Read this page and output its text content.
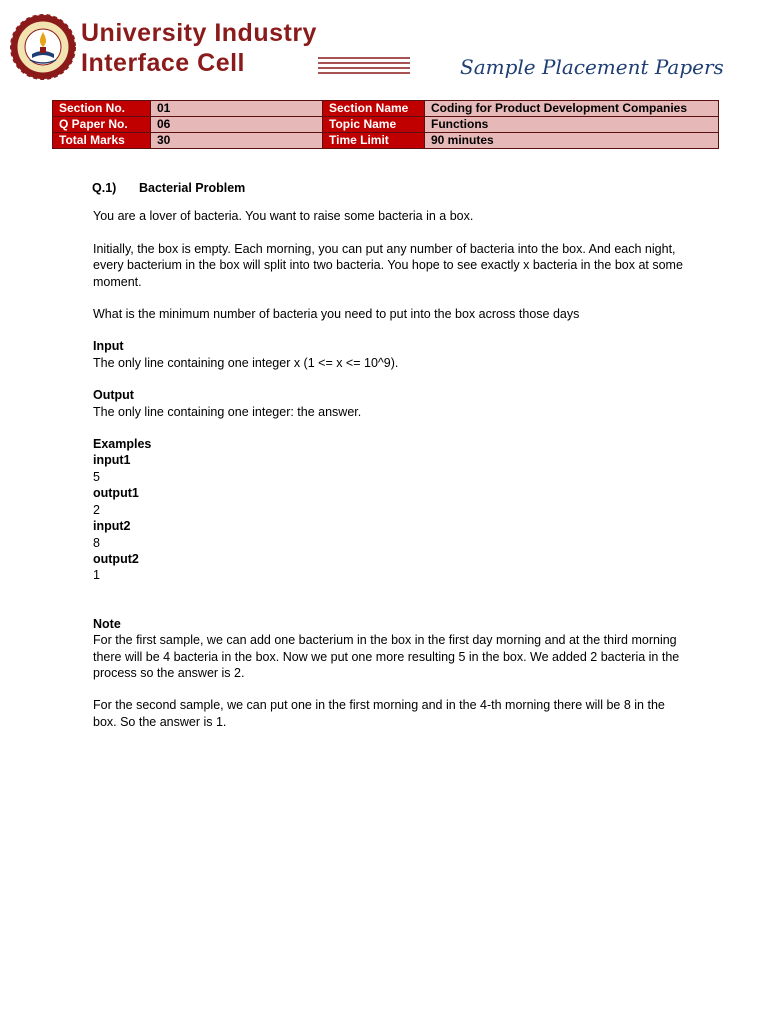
University Industry
Interface Cell	Sample Placement Papers
Section No.	01	Section Name	Coding for Product Development Companies
Q Paper No.	06	Topic Name	Functions
Total Marks	30	Time Limit	90 minutes
Q.1)	Bacterial Problem

You are a lover of bacteria. You want to raise some bacteria in a box.

Initially, the box is empty. Each morning, you can put any number of bacteria into the box. And each night, every bacterium in the box will split into two bacteria. You hope to see exactly x bacteria in the box at some moment.

What is the minimum number of bacteria you need to put into the box across those days

Input
The only line containing one integer x (1 <= x <= 10^9).
Output
The only line containing one integer: the answer.
Examples
input1
5
output1
2
input2
8
output2
1
Note
For the first sample, we can add one bacterium in the box in the first day morning and at the third morning there will be 4 bacteria in the box. Now we put one more resulting 5 in the box. We added 2 bacteria in the process so the answer is 2.

For the second sample, we can put one in the first morning and in the 4-th morning there will be 8 in the box. So the answer is 1.
